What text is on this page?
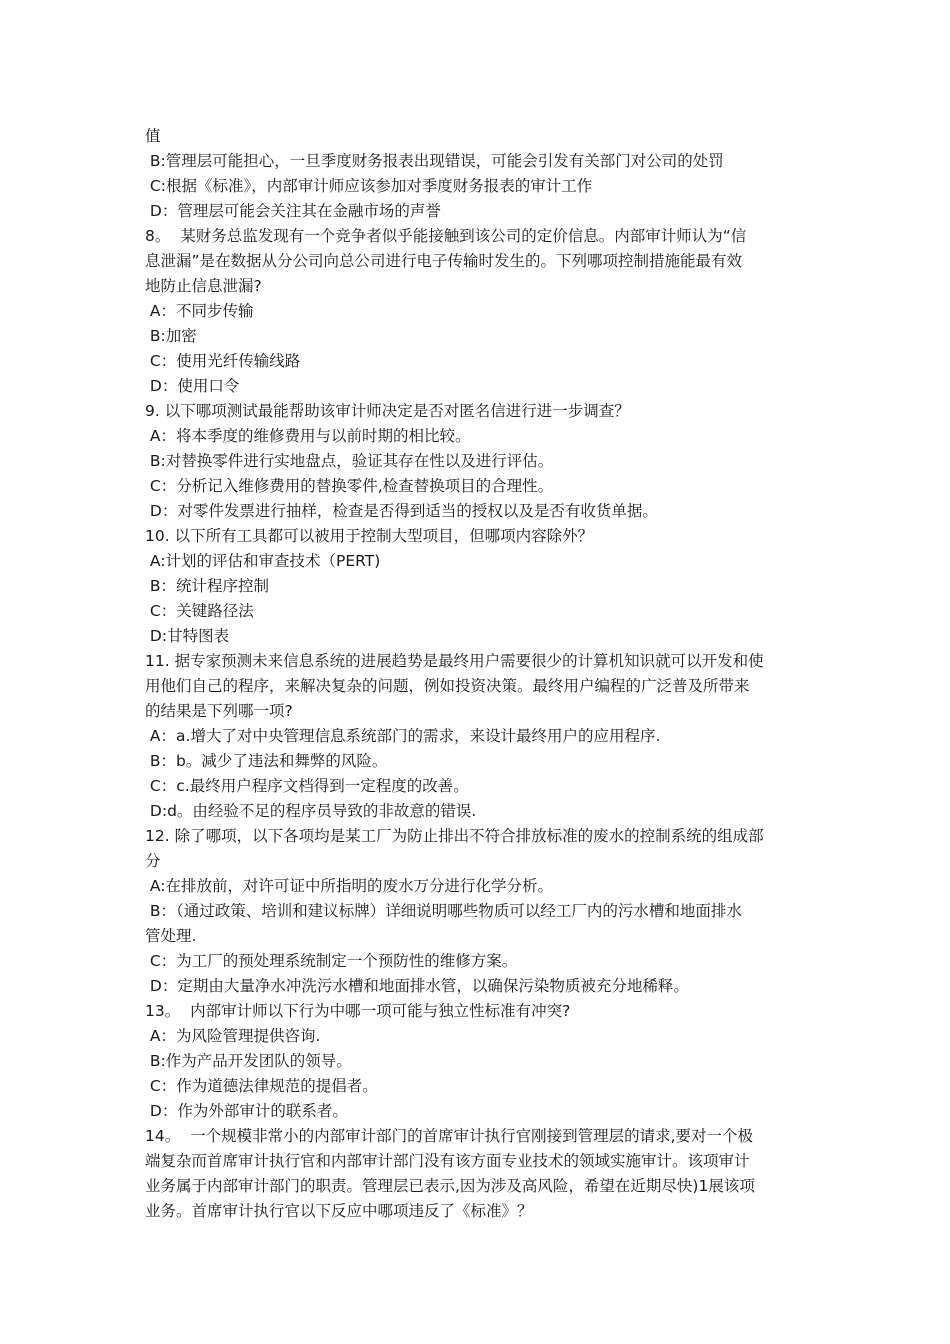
值
B:管理层可能担心，一旦季度财务报表出现错误，可能会引发有关部门对公司的处罚
C:根据《标准》，内部审计师应该参加对季度财务报表的审计工作
D：管理层可能会关注其在金融市场的声誉
8。  某财务总监发现有一个竞争者似乎能接触到该公司的定价信息。内部审计师认为“信
息泄漏”是在数据从分公司向总公司进行电子传输时发生的。下列哪项控制措施能最有效
地防止信息泄漏?
A：不同步传输
B:加密
C：使用光纤传输线路
D：使用口令
9. 以下哪项测试最能帮助该审计师决定是否对匿名信进行进一步调查？
A：将本季度的维修费用与以前时期的相比较。
B:对替换零件进行实地盘点，验证其存在性以及进行评估。
C：分析记入维修费用的替换零件,检查替换项目的合理性。
D：对零件发票进行抽样，检查是否得到适当的授权以及是否有收货单据。
10. 以下所有工具都可以被用于控制大型项目，但哪项内容除外？
A:计划的评估和审查技术（PERT)
B：统计程序控制
C：关键路径法
D:甘特图表
11. 据专家预测未来信息系统的进展趋势是最终用户需要很少的计算机知识就可以开发和使
用他们自己的程序，来解决复杂的问题，例如投资决策。最终用户编程的广泛普及所带来
的结果是下列哪一项?
A：a.增大了对中央管理信息系统部门的需求，来设计最终用户的应用程序.
B：b。减少了违法和舞弊的风险。
C：c.最终用户程序文档得到一定程度的改善。
D:d。由经验不足的程序员导致的非故意的错误.
12. 除了哪项，以下各项均是某工厂为防止排出不符合排放标准的废水的控制系统的组成部
分
A:在排放前，对许可证中所指明的废水万分进行化学分析。
B：（通过政策、培训和建议标牌）详细说明哪些物质可以经工厂内的污水槽和地面排水
管处理.
C：为工厂的预处理系统制定一个预防性的维修方案。
D：定期由大量净水冲洗污水槽和地面排水管，以确保污染物质被充分地稀释。
13。  内部审计师以下行为中哪一项可能与独立性标准有冲突?
A：为风险管理提供咨询.
B:作为产品开发团队的领导。
C：作为道德法律规范的提倡者。
D：作为外部审计的联系者。
14。  一个规模非常小的内部审计部门的首席审计执行官刚接到管理层的请求,要对一个极
端复杂而首席审计执行官和内部审计部门没有该方面专业技术的领域实施审计。该项审计
业务属于内部审计部门的职责。管理层已表示,因为涉及高风险，希望在近期尽快)1展该项
业务。首席审计执行官以下反应中哪项违反了《标准》？
